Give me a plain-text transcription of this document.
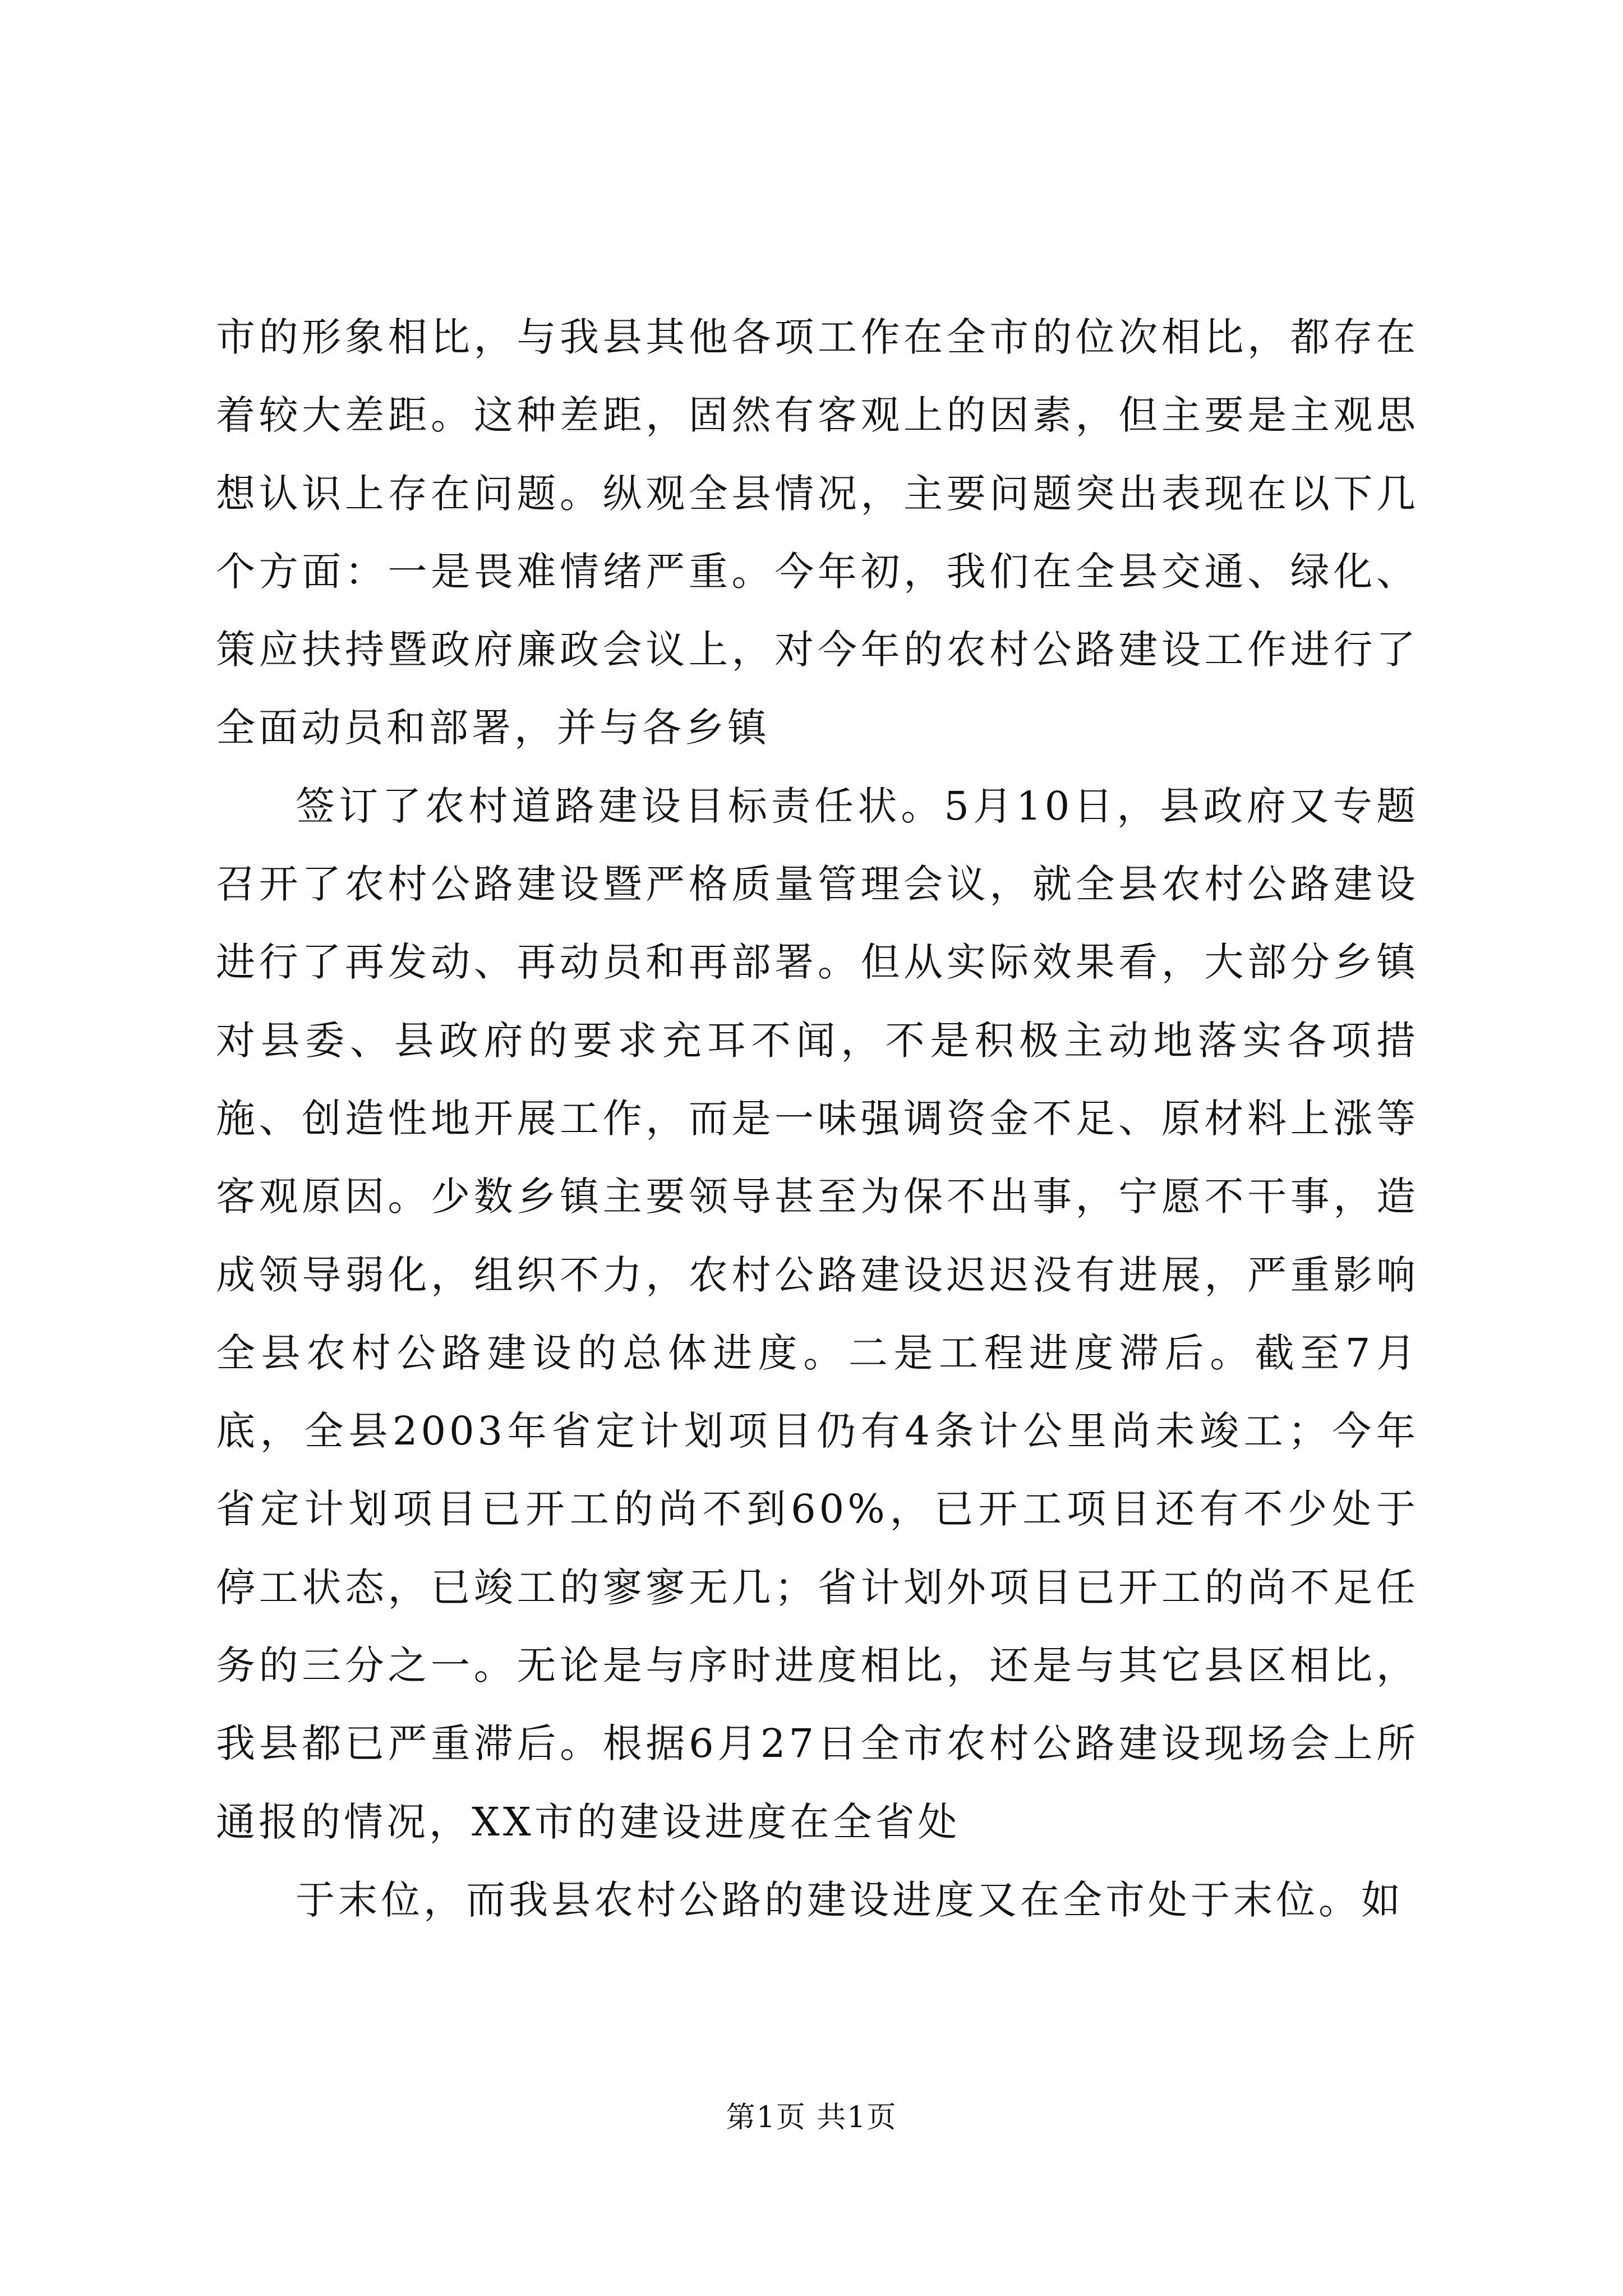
市的形象相比，与我县其他各项工作在全市的位次相比，都存在着较大差距。这种差距，固然有客观上的因素，但主要是主观思想认识上存在问题。纵观全县情况，主要问题突出表现在以下几个方面：一是畏难情绪严重。今年初，我们在全县交通、绿化、策应扶持暨政府廉政会议上，对今年的农村公路建设工作进行了全面动员和部署，并与各乡镇

签订了农村道路建设目标责任状。5月10日，县政府又专题召开了农村公路建设暨严格质量管理会议，就全县农村公路建设进行了再发动、再动员和再部署。但从实际效果看，大部分乡镇对县委、县政府的要求充耳不闻，不是积极主动地落实各项措施、创造性地开展工作，而是一味强调资金不足、原材料上涨等客观原因。少数乡镇主要领导甚至为保不出事，宁愿不干事，造成领导弱化，组织不力，农村公路建设迟迟没有进展，严重影响全县农村公路建设的总体进度。二是工程进度滞后。截至7月底，全县2003年省定计划项目仍有4条计公里尚未竣工；今年省定计划项目已开工的尚不到60%，已开工项目还有不少处于停工状态，已竣工的寥寥无几；省计划外项目已开工的尚不足任务的三分之一。无论是与序时进度相比，还是与其它县区相比，我县都已严重滞后。根据6月27日全市农村公路建设现场会上所通报的情况，XX市的建设进度在全省处

于末位，而我县农村公路的建设进度又在全市处于末位。如

第1页 共1页
